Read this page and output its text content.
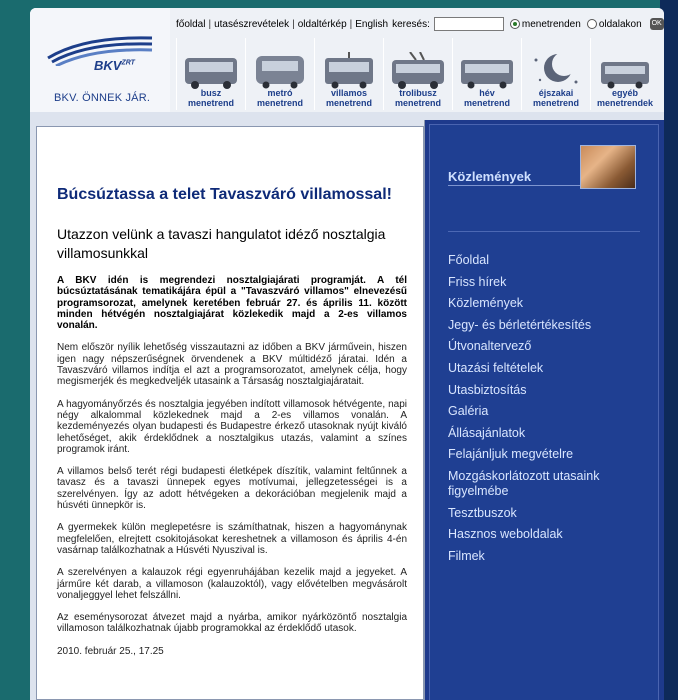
$BKV^{ZRT}$
BKV. ÖNNEK JÁR.
főoldal | utasészrevételek | oldaltérkép | English keresés:	menetrenden oldalakon OK
busz
menetrend
metró
menetrend
villamos
menetrend
trolibusz
menetrend
hév
menetrend
éjszakai
menetrend
egyéb
menetrendek
Búcsúztassa a telet Tavaszváró villamossal!
Utazzon velünk a tavaszi hangulatot idéző nosztalgia villamosunkkal

A BKV idén is megrendezi nosztalgiajárati programját. A tél búcsúztatásának tematikájára épül a "Tavaszváró villamos" elnevezésű programsorozat, amelynek keretében február 27. és április 11. között minden hétvégén nosztalgiajárat közlekedik majd a 2-es villamos vonalán.

Nem először nyílik lehetőség visszautazni az időben a BKV járművein, hiszen igen nagy népszerűségnek örvendenek a BKV múltidéző járatai. Idén a Tavaszváró villamos indítja el azt a programsorozatot, amelynek célja, hogy megismerjék és megkedveljék utasaink a Társaság nosztalgiajáratait.

A hagyományőrzés és nosztalgia jegyében indított villamosok hétvégente, napi négy alkalommal közlekednek majd a 2-es villamos vonalán. A kezdeményezés olyan budapesti és Budapestre érkező utasoknak nyújt kiváló lehetőséget, akik érdeklődnek a nosztalgikus utazás, valamint a színes programok iránt.

A villamos belső terét régi budapesti életképek díszítik, valamint feltűnnek a tavasz és a tavaszi ünnepek egyes motívumai, jellegzetességei is a szerelvényen. Így az adott hétvégeken a dekorációban megjelenik majd a húsvéti ünnepkör is.

A gyermekek külön meglepetésre is számíthatnak, hiszen a hagyománynak megfelelően, elrejtett csokitojásokat kereshetnek a villamoson és április 4-én vasárnap találkozhatnak a Húsvéti Nyuszival is.

A szerelvényen a kalauzok régi egyenruhájában kezelik majd a jegyeket. A járműre két darab, a villamoson (kalauzoktól), vagy elővételben megvásárolt vonaljeggyel lehet felszállni.

Az eseménysorozat átvezet majd a nyárba, amikor nyárközöntő nosztalgia villamoson találkozhatnak újabb programokkal az érdeklődő utasok.

2010. február 25., 17.25

Közlemények
Főoldal
Friss hírek
Közlemények
Jegy- és bérletértékesítés
Útvonaltervező
Utazási feltételek
Utasbiztosítás
Galéria
Állásajánlatok
Felajánljuk megvételre
Mozgáskorlátozott utasaink figyelmébe
Tesztbuszok
Hasznos weboldalak
Filmek
